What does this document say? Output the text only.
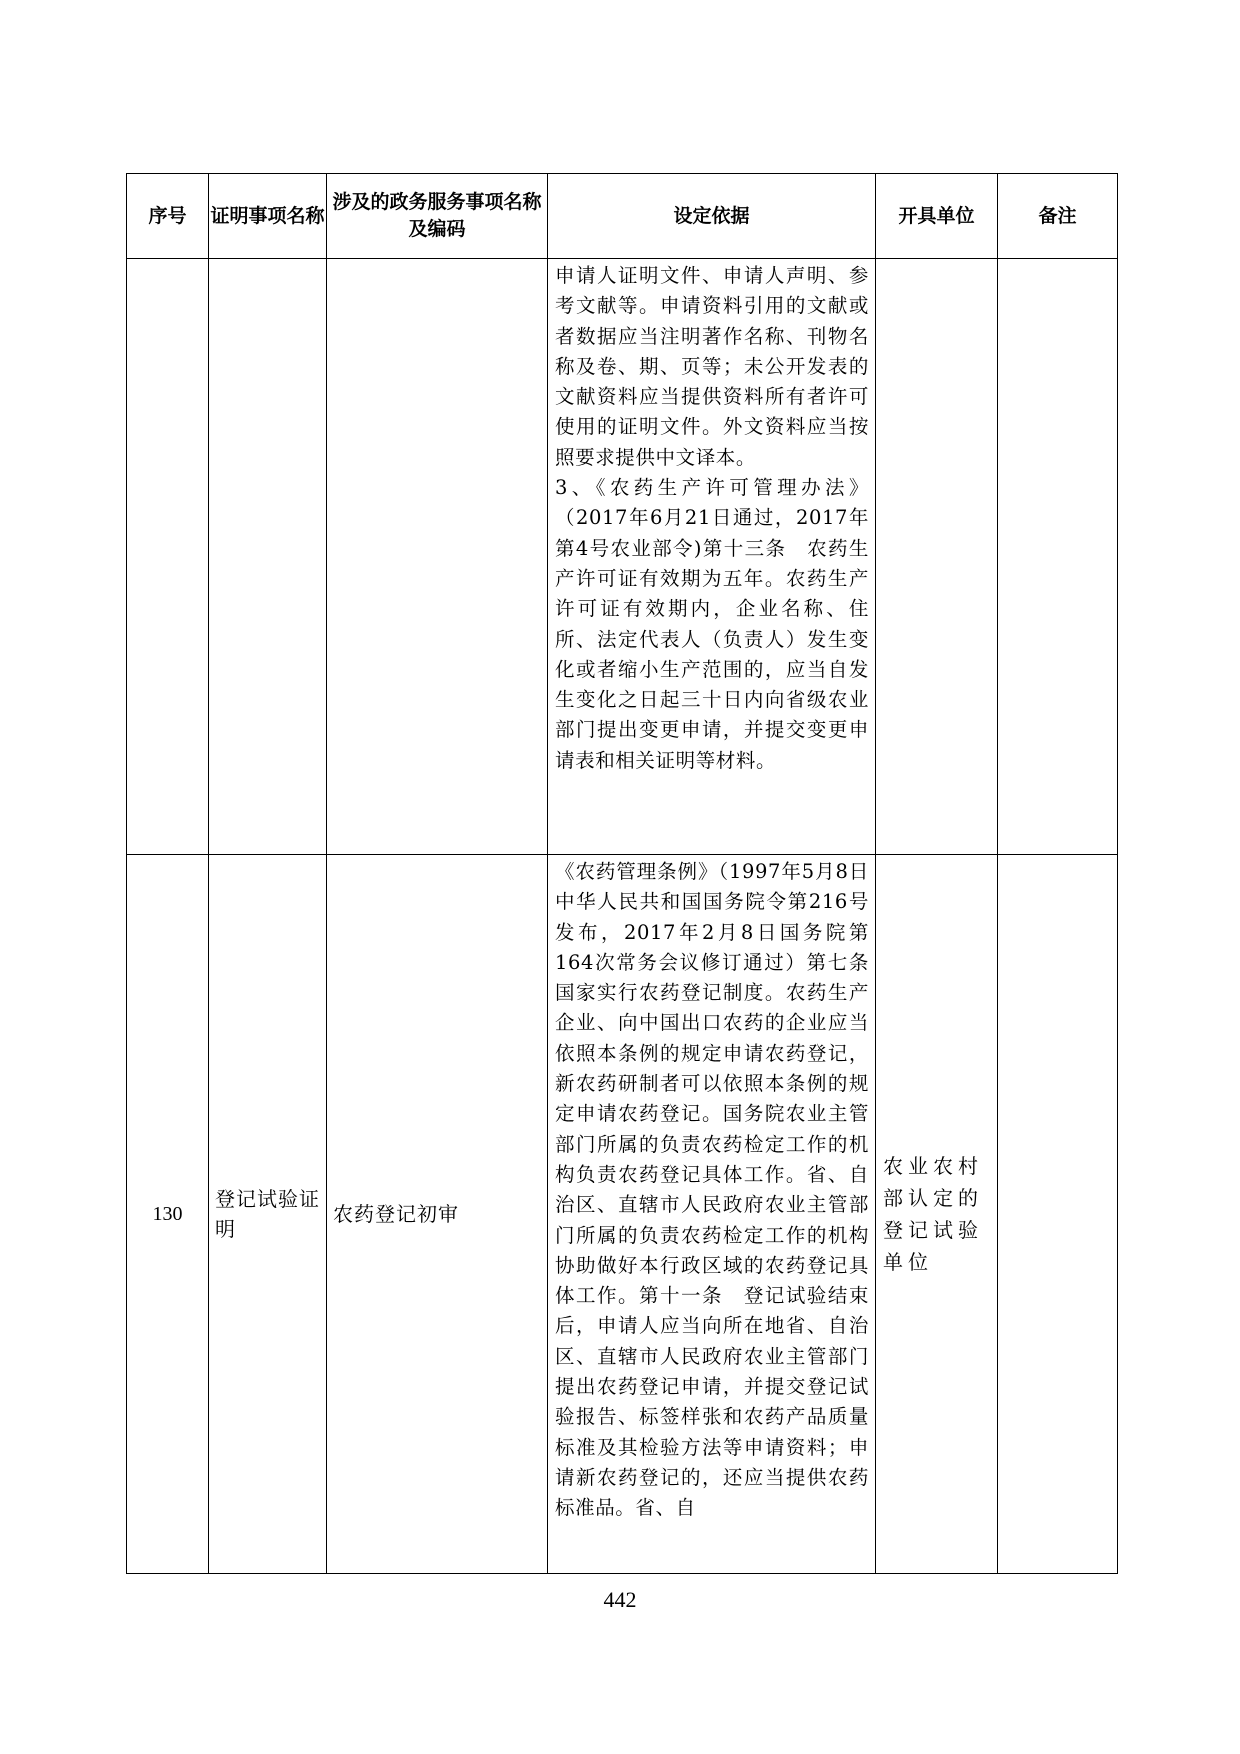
序号	证明事项名称	涉及的政务服务事项名称及编码	设定依据	开具单位	备注

			申请人证明文件、申请人声明、参考文献等。申请资料引用的文献或者数据应当注明著作名称、刊物名称及卷、期、页等；未公开发表的文献资料应当提供资料所有者许可使用的证明文件。外文资料应当按照要求提供中文译本。

3、《农药生产许可管理办法》（2017年6月21日通过，2017年第4号农业部令)第十三条　农药生产许可证有效期为五年。农药生产许可证有效期内，企业名称、住所、法定代表人（负责人）发生变化或者缩小生产范围的，应当自发生变化之日起三十日内向省级农业部门提出变更申请，并提交变更申请表和相关证明等材料。		

130	登记试验证明	农药登记初审	《农药管理条例》（1997年5月8日中华人民共和国国务院令第216号发布，2017年2月8日国务院第164次常务会议修订通过）第七条　国家实行农药登记制度。农药生产企业、向中国出口农药的企业应当依照本条例的规定申请农药登记，新农药研制者可以依照本条例的规定申请农药登记。国务院农业主管部门所属的负责农药检定工作的机构负责农药登记具体工作。省、自治区、直辖市人民政府农业主管部门所属的负责农药检定工作的机构协助做好本行政区域的农药登记具体工作。第十一条　登记试验结束后，申请人应当向所在地省、自治区、直辖市人民政府农业主管部门提出农药登记申请，并提交登记试验报告、标签样张和农药产品质量标准及其检验方法等申请资料；申请新农药登记的，还应当提供农药标准品。省、自	农业农村部认定的登记试验单位	

442
